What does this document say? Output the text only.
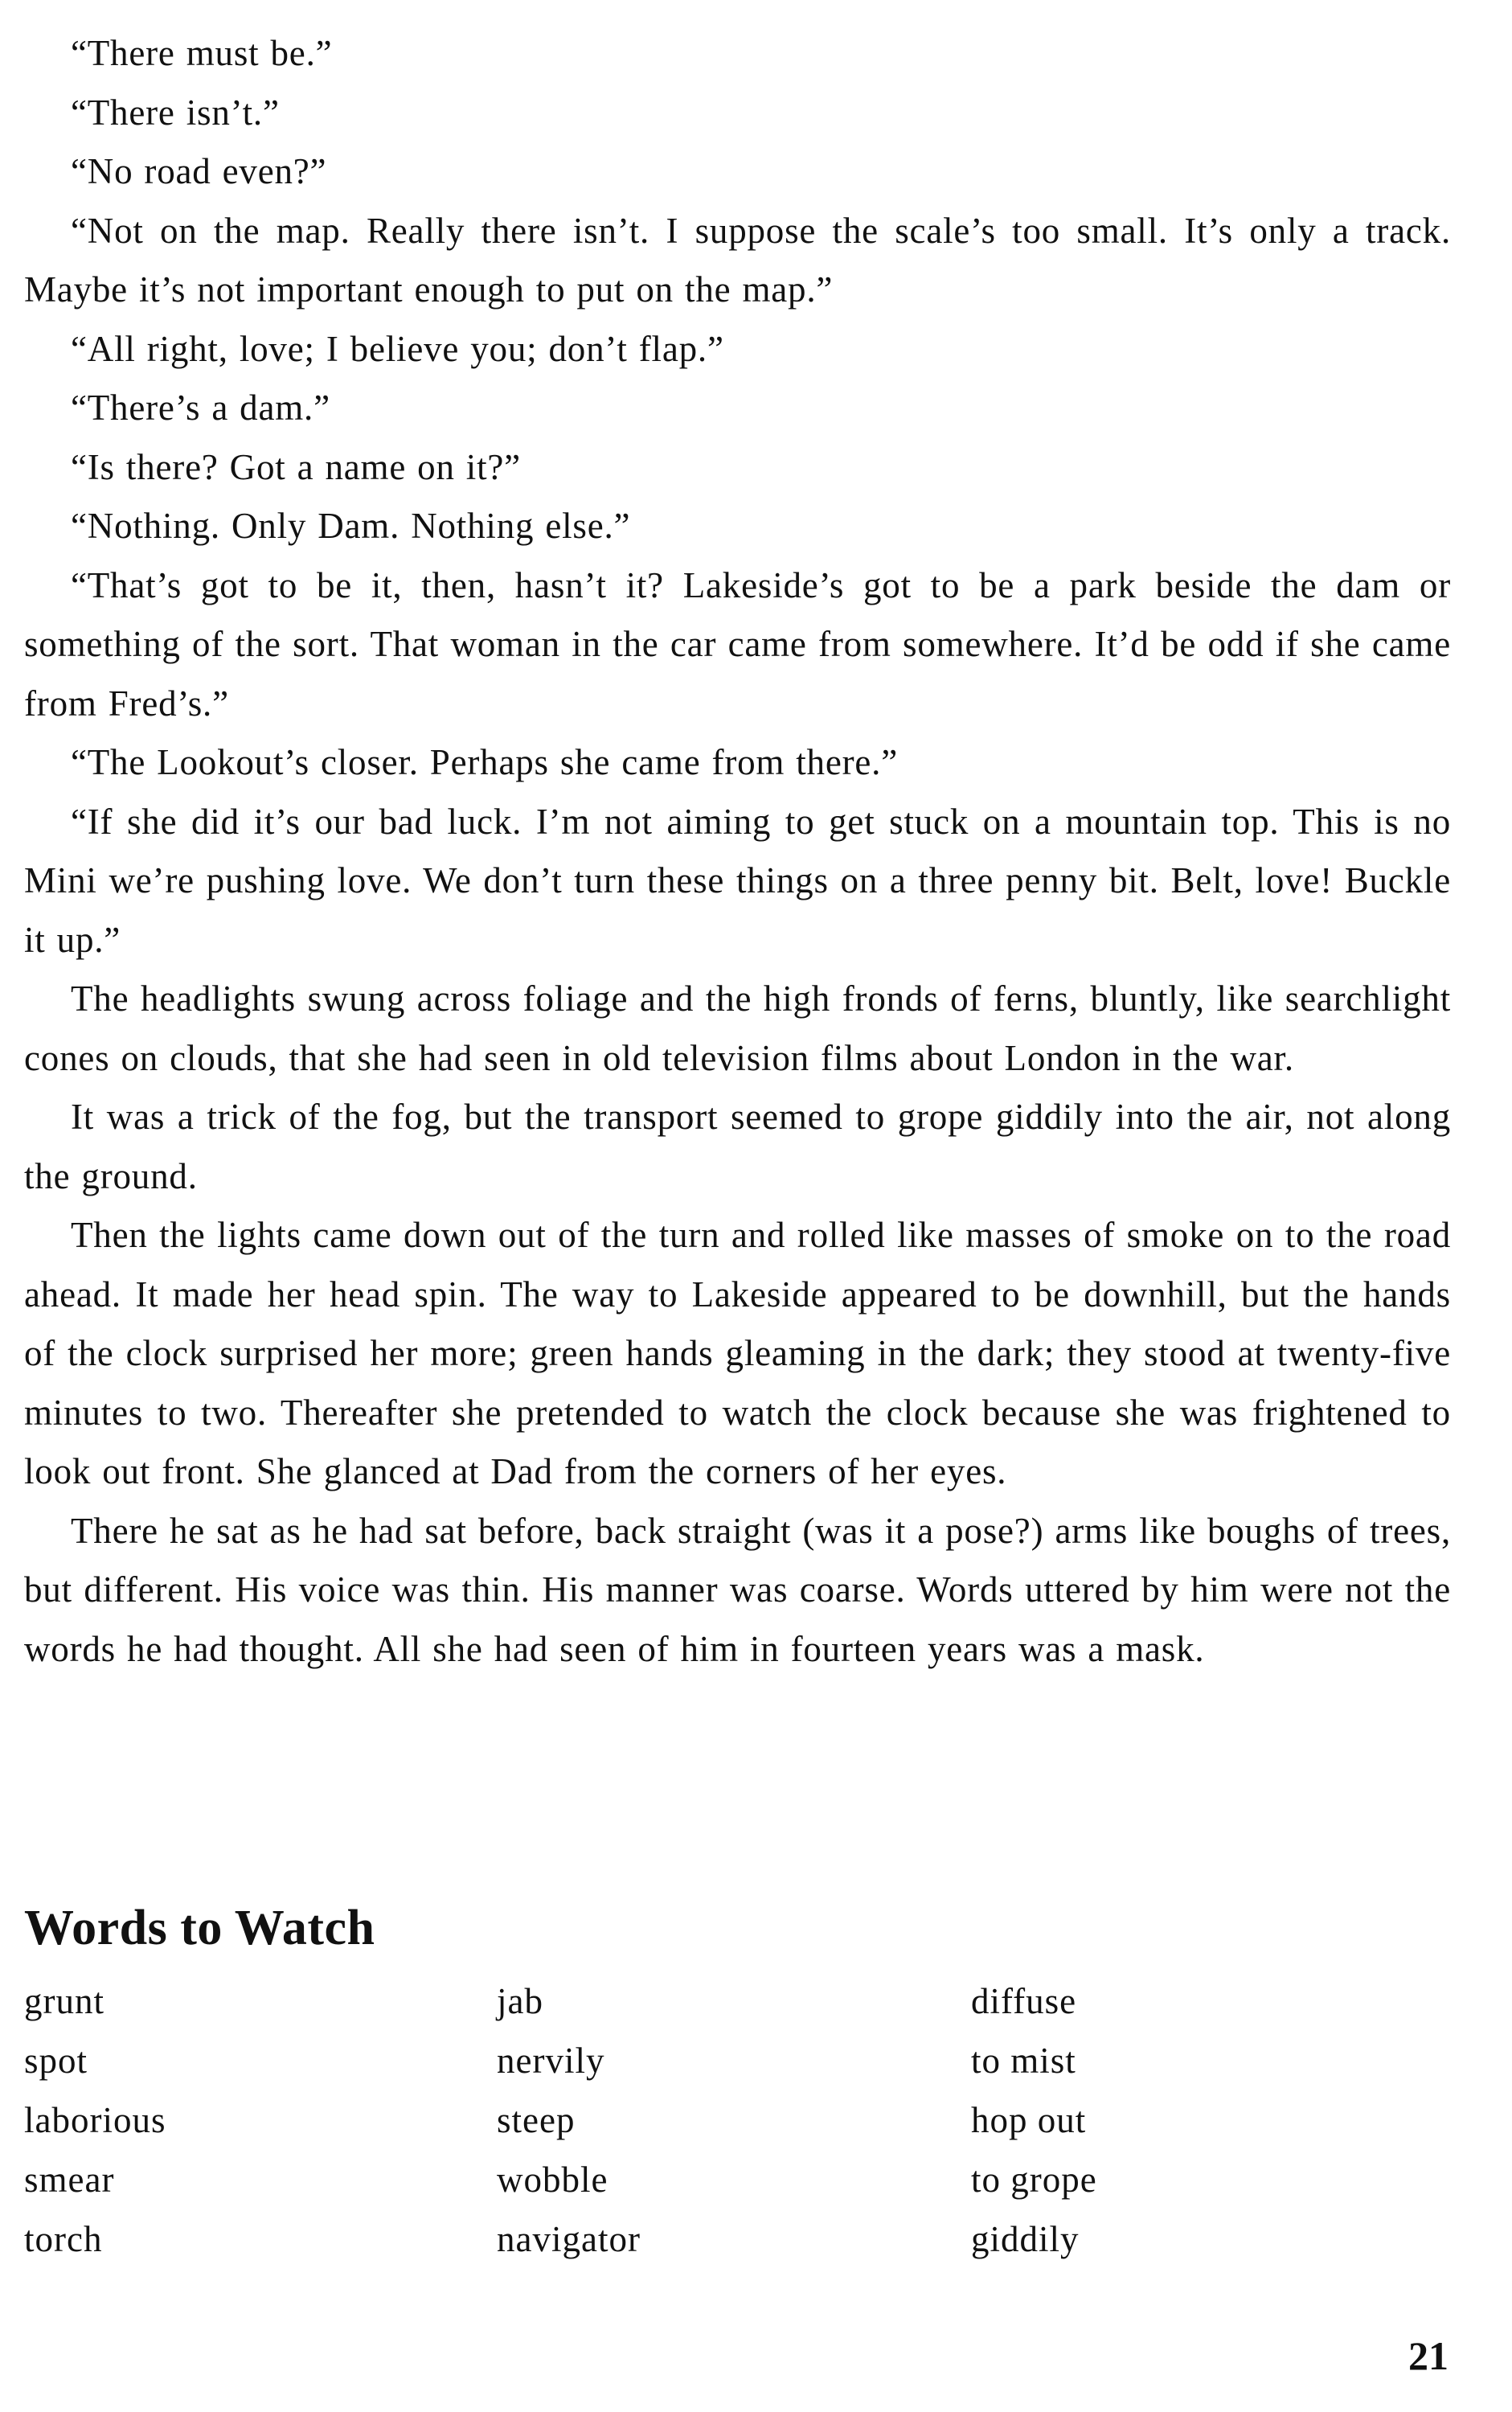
“There must be.”

“There isn’t.”

“No road even?”

“Not on the map. Really there isn’t. I suppose the scale’s too small. It’s only a track. Maybe it’s not important enough to put on the map.”

“All right, love; I believe you; don’t flap.”

“There’s a dam.”

“Is there? Got a name on it?”

“Nothing. Only Dam. Nothing else.”

“That’s got to be it, then, hasn’t it? Lakeside’s got to be a park beside the dam or something of the sort. That woman in the car came from somewhere. It’d be odd if she came from Fred’s.”

“The Lookout’s closer. Perhaps she came from there.”

“If she did it’s our bad luck. I’m not aiming to get stuck on a mountain top. This is no Mini we’re pushing love. We don’t turn these things on a three penny bit. Belt, love! Buckle it up.”

The headlights swung across foliage and the high fronds of ferns, bluntly, like searchlight cones on clouds, that she had seen in old television films about London in the war.

It was a trick of the fog, but the transport seemed to grope giddily into the air, not along the ground.

Then the lights came down out of the turn and rolled like masses of smoke on to the road ahead. It made her head spin. The way to Lakeside appeared to be downhill, but the hands of the clock surprised her more; green hands gleaming in the dark; they stood at twenty-five minutes to two. Thereafter she pretended to watch the clock because she was frightened to look out front. She glanced at Dad from the corners of her eyes.

There he sat as he had sat before, back straight (was it a pose?) arms like boughs of trees, but different. His voice was thin. His manner was coarse. Words uttered by him were not the words he had thought. All she had seen of him in fourteen years was a mask.

Words to Watch
grunt
spot
laborious
smear
torch
jab
nervily
steep
wobble
navigator
diffuse
to mist
hop out
to grope
giddily
21
